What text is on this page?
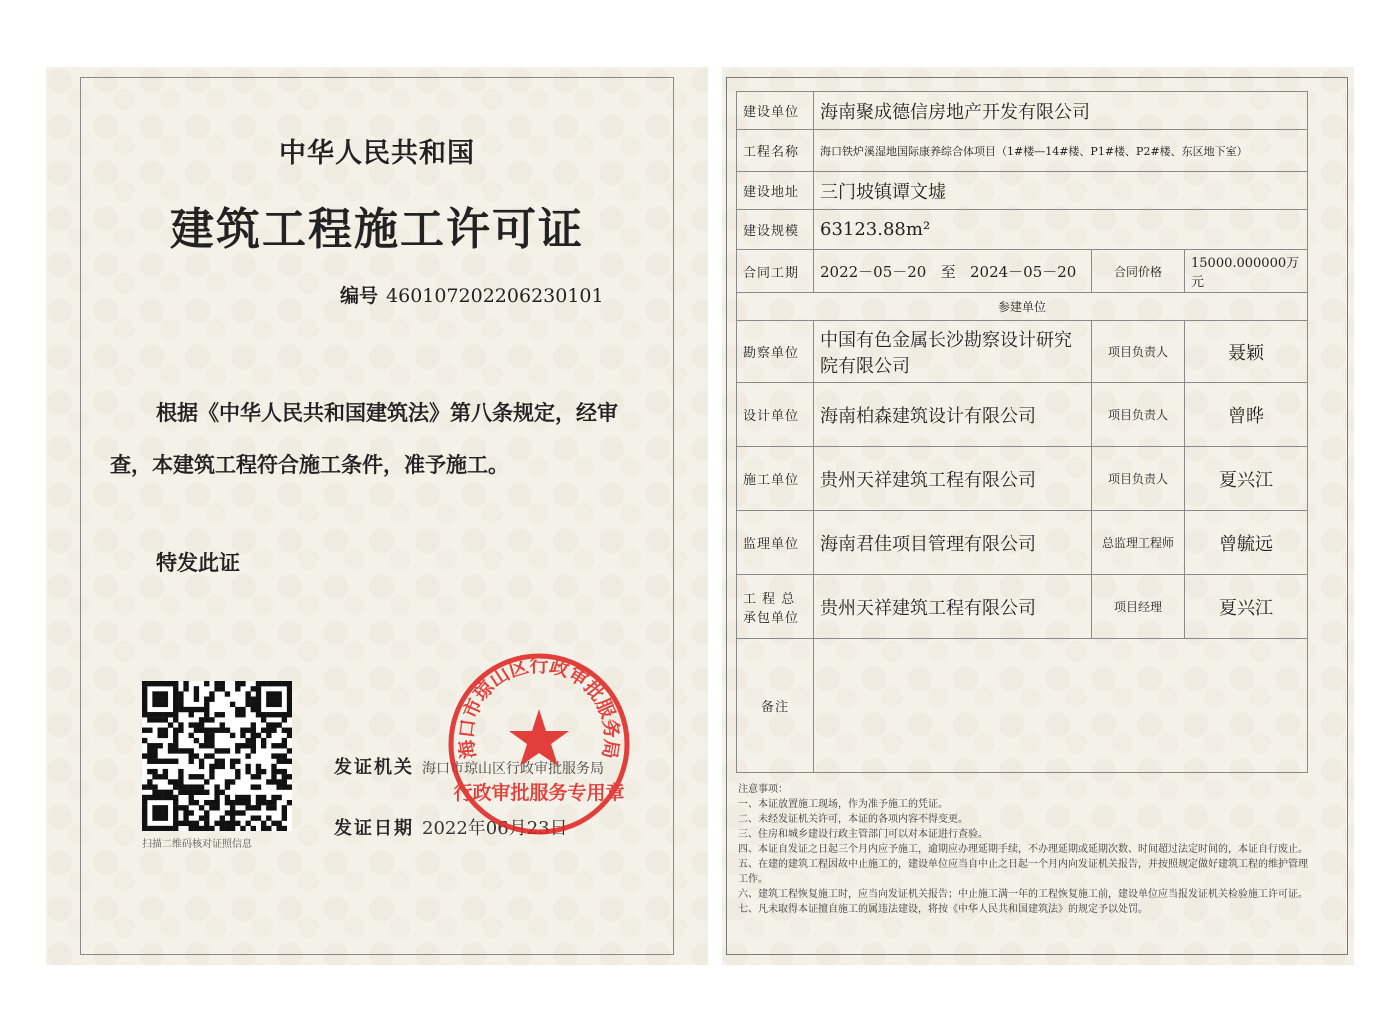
中华人民共和国
建筑工程施工许可证
编号 460107202206230101
根据《中华人民共和国建筑法》第八条规定，经审
查，本建筑工程符合施工条件，准予施工。
特发此证
扫描二维码核对证照信息
发证机关 海口市琼山区行政审批服务局
发证日期 2022年06月23日
海口市琼山区行政审批服务局
行政审批服务专用章
建设单位	海南聚成德信房地产开发有限公司		
工程名称	海口铁炉溪湿地国际康养综合体项目（1#楼—14#楼、P1#楼、P2#楼、东区地下室）		
建设地址	三门坡镇谭文墟		
建设规模	63123.88m²		
合同工期	2022－05－20 至 2024－05－20	合同价格	15000.000000万元
参建单位			
勘察单位	中国有色金属长沙勘察设计研究院有限公司	项目负责人	聂颖
设计单位	海南柏森建筑设计有限公司	项目负责人	曾晔
施工单位	贵州天祥建筑工程有限公司	项目负责人	夏兴江
监理单位	海南君佳项目管理有限公司	总监理工程师	曾毓远
工 程 总 承包单位	贵州天祥建筑工程有限公司	项目经理	夏兴江
备注			
注意事项：
一、本证放置施工现场，作为准予施工的凭证。
二、未经发证机关许可，本证的各项内容不得变更。
三、住房和城乡建设行政主管部门可以对本证进行查验。
四、本证自发证之日起三个月内应予施工，逾期应办理延期手续，不办理延期或延期次数、时间超过法定时间的，本证自行废止。
五、在建的建筑工程因故中止施工的，建设单位应当自中止之日起一个月内向发证机关报告，并按照规定做好建筑工程的维护管理工作。
六、建筑工程恢复施工时，应当向发证机关报告；中止施工满一年的工程恢复施工前，建设单位应当报发证机关检验施工许可证。
七、凡未取得本证擅自施工的属违法建设，将按《中华人民共和国建筑法》的规定予以处罚。
